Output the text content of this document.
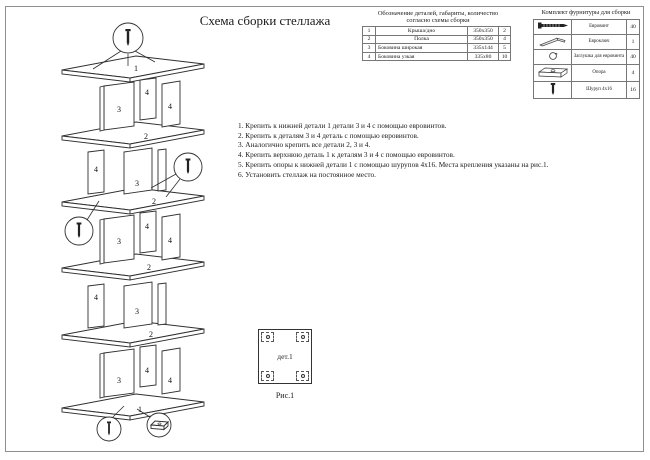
Схема сборки стеллажа	Обозначение деталей, габариты, количество
согласно схемы сборки
1	Крыша/дно	350x350	2
2	Полка	350x350	4
3	Боковина широкая	335x144	5
4	Боковина узкая	335x80	10
Комплект фурнитуры для сборки
	Евровинт	40
	Евроключ	1
	Заглушка для евровинта	40
	Опора	4
	Шуруп 4x16	16
1. Крепить к нижней детали 1 детали 3 и 4 с помощью евровинтов.
2. Крепить к деталям 3 и 4 деталь с помощью евровинтов.
3. Аналогично крепить все детали 2, 3 и 4.
4. Крепить верхнюю деталь 1 к деталям 3 и 4 с помощью евровинтов.
5. Крепить опоры к нижней детали 1 с помощью шурупов 4x16. Места крепления указаны на рис.1.
6. Установить стеллаж на постоянное место.
1
4
3	4
2
4
3
2
4
3	4
2
4
3
2
4
3	4
1
дет.1
Рис.1
